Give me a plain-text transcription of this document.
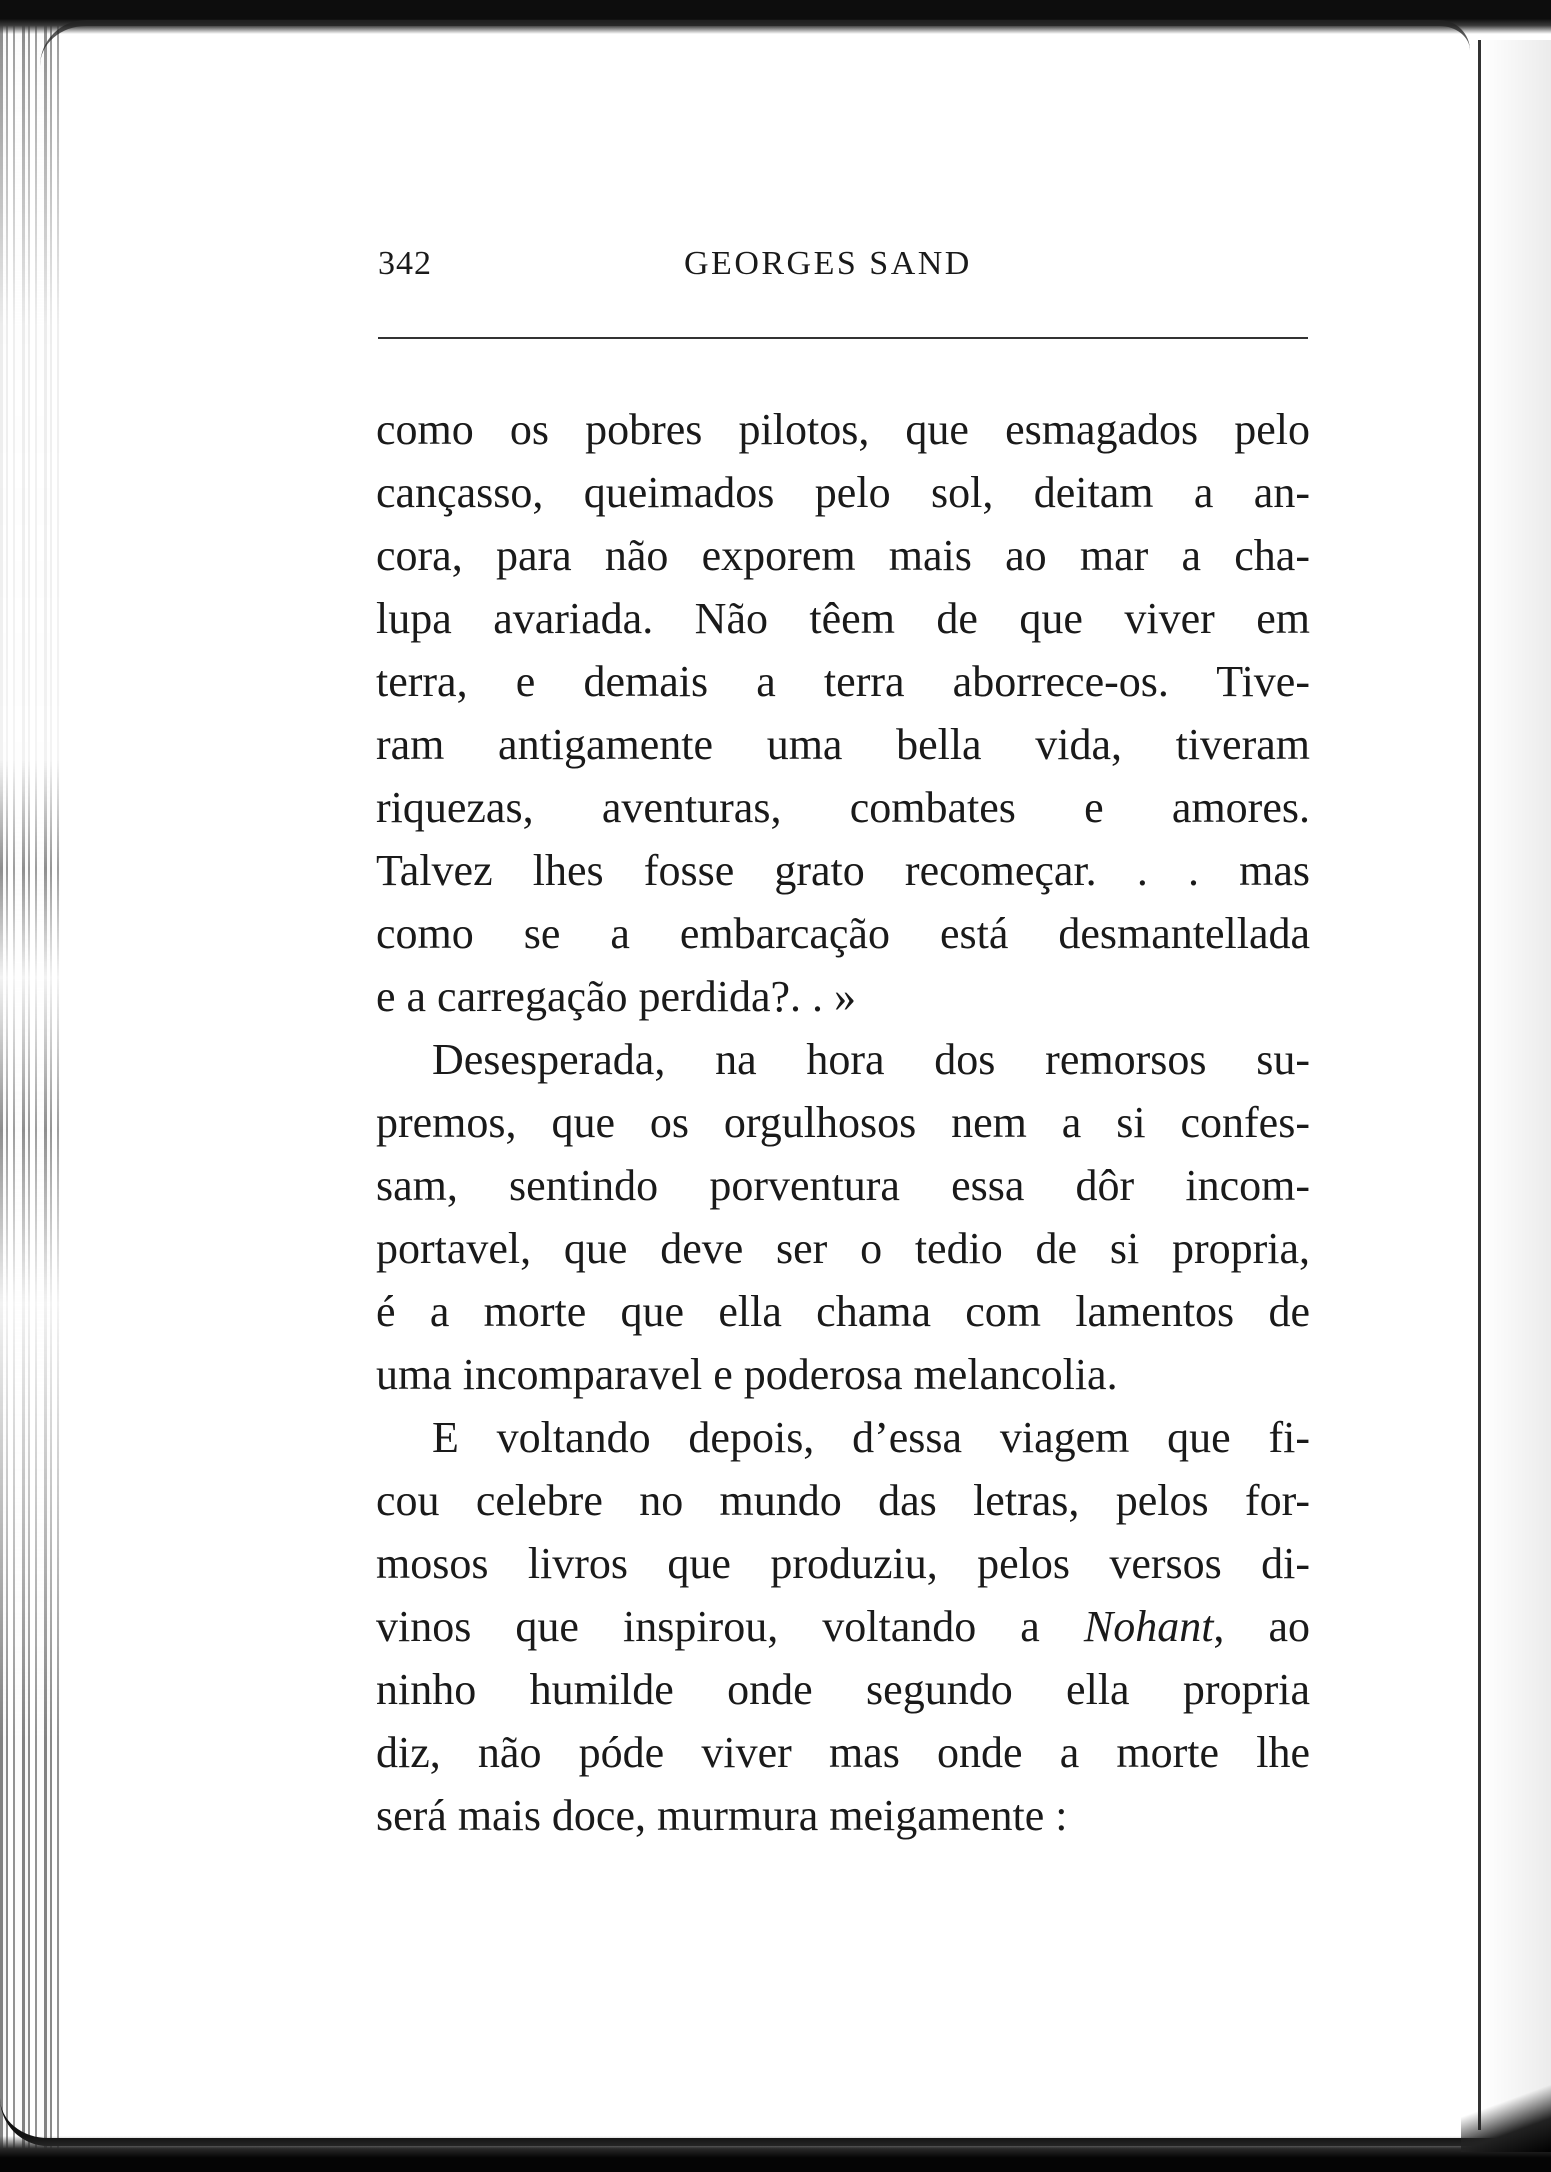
342	GEORGES SAND

como os pobres pilotos, que esmagados pelo
cançasso, queimados pelo sol, deitam a an-
cora, para não exporem mais ao mar a cha-
lupa avariada. Não têem de que viver em
terra, e demais a terra aborrece-os. Tive-
ram antigamente uma bella vida, tiveram
riquezas, aventuras, combates e amores.
Talvez lhes fosse grato recomeçar. . . mas
como se a embarcação está desmantellada
e a carregação perdida?. . »

Desesperada, na hora dos remorsos su-
premos, que os orgulhosos nem a si confes-
sam, sentindo porventura essa dôr incom-
portavel, que deve ser o tedio de si propria,
é a morte que ella chama com lamentos de
uma incomparavel e poderosa melancolia.

E voltando depois, d’essa viagem que fi-
cou celebre no mundo das letras, pelos for-
mosos livros que produziu, pelos versos di-
vinos que inspirou, voltando a Nohant, ao
ninho humilde onde segundo ella propria
diz, não póde viver mas onde a morte lhe
será mais doce, murmura meigamente :
